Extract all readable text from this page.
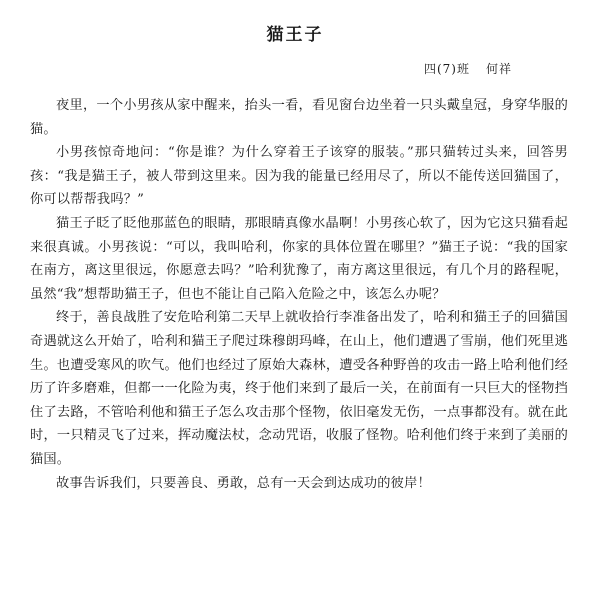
猫王子
四(7)班 何祥

夜里，一个小男孩从家中醒来，抬头一看，看见窗台边坐着一只头戴皇冠，身穿华服的猫。

小男孩惊奇地问：“你是谁？为什么穿着王子该穿的服装。”那只猫转过头来，回答男孩：“我是猫王子，被人带到这里来。因为我的能量已经用尽了，所以不能传送回猫国了，你可以帮帮我吗？”

猫王子眨了眨他那蓝色的眼睛，那眼睛真像水晶啊！小男孩心软了，因为它这只猫看起来很真诚。小男孩说：“可以，我叫哈利，你家的具体位置在哪里？”猫王子说：“我的国家在南方，离这里很远，你愿意去吗？”哈利犹豫了，南方离这里很远，有几个月的路程呢，虽然“我”想帮助猫王子，但也不能让自己陷入危险之中，该怎么办呢？

终于，善良战胜了安危哈利第二天早上就收拾行李准备出发了，哈利和猫王子的回猫国奇遇就这么开始了，哈利和猫王子爬过珠穆朗玛峰，在山上，他们遭遇了雪崩，他们死里逃生。也遭受寒风的吹气。他们也经过了原始大森林，遭受各种野兽的攻击一路上哈利他们经历了许多磨难，但都一一化险为夷，终于他们来到了最后一关，在前面有一只巨大的怪物挡住了去路，不管哈利他和猫王子怎么攻击那个怪物，依旧毫发无伤，一点事都没有。就在此时，一只精灵飞了过来，挥动魔法杖，念动咒语，收服了怪物。哈利他们终于来到了美丽的猫国。

故事告诉我们，只要善良、勇敢，总有一天会到达成功的彼岸！
